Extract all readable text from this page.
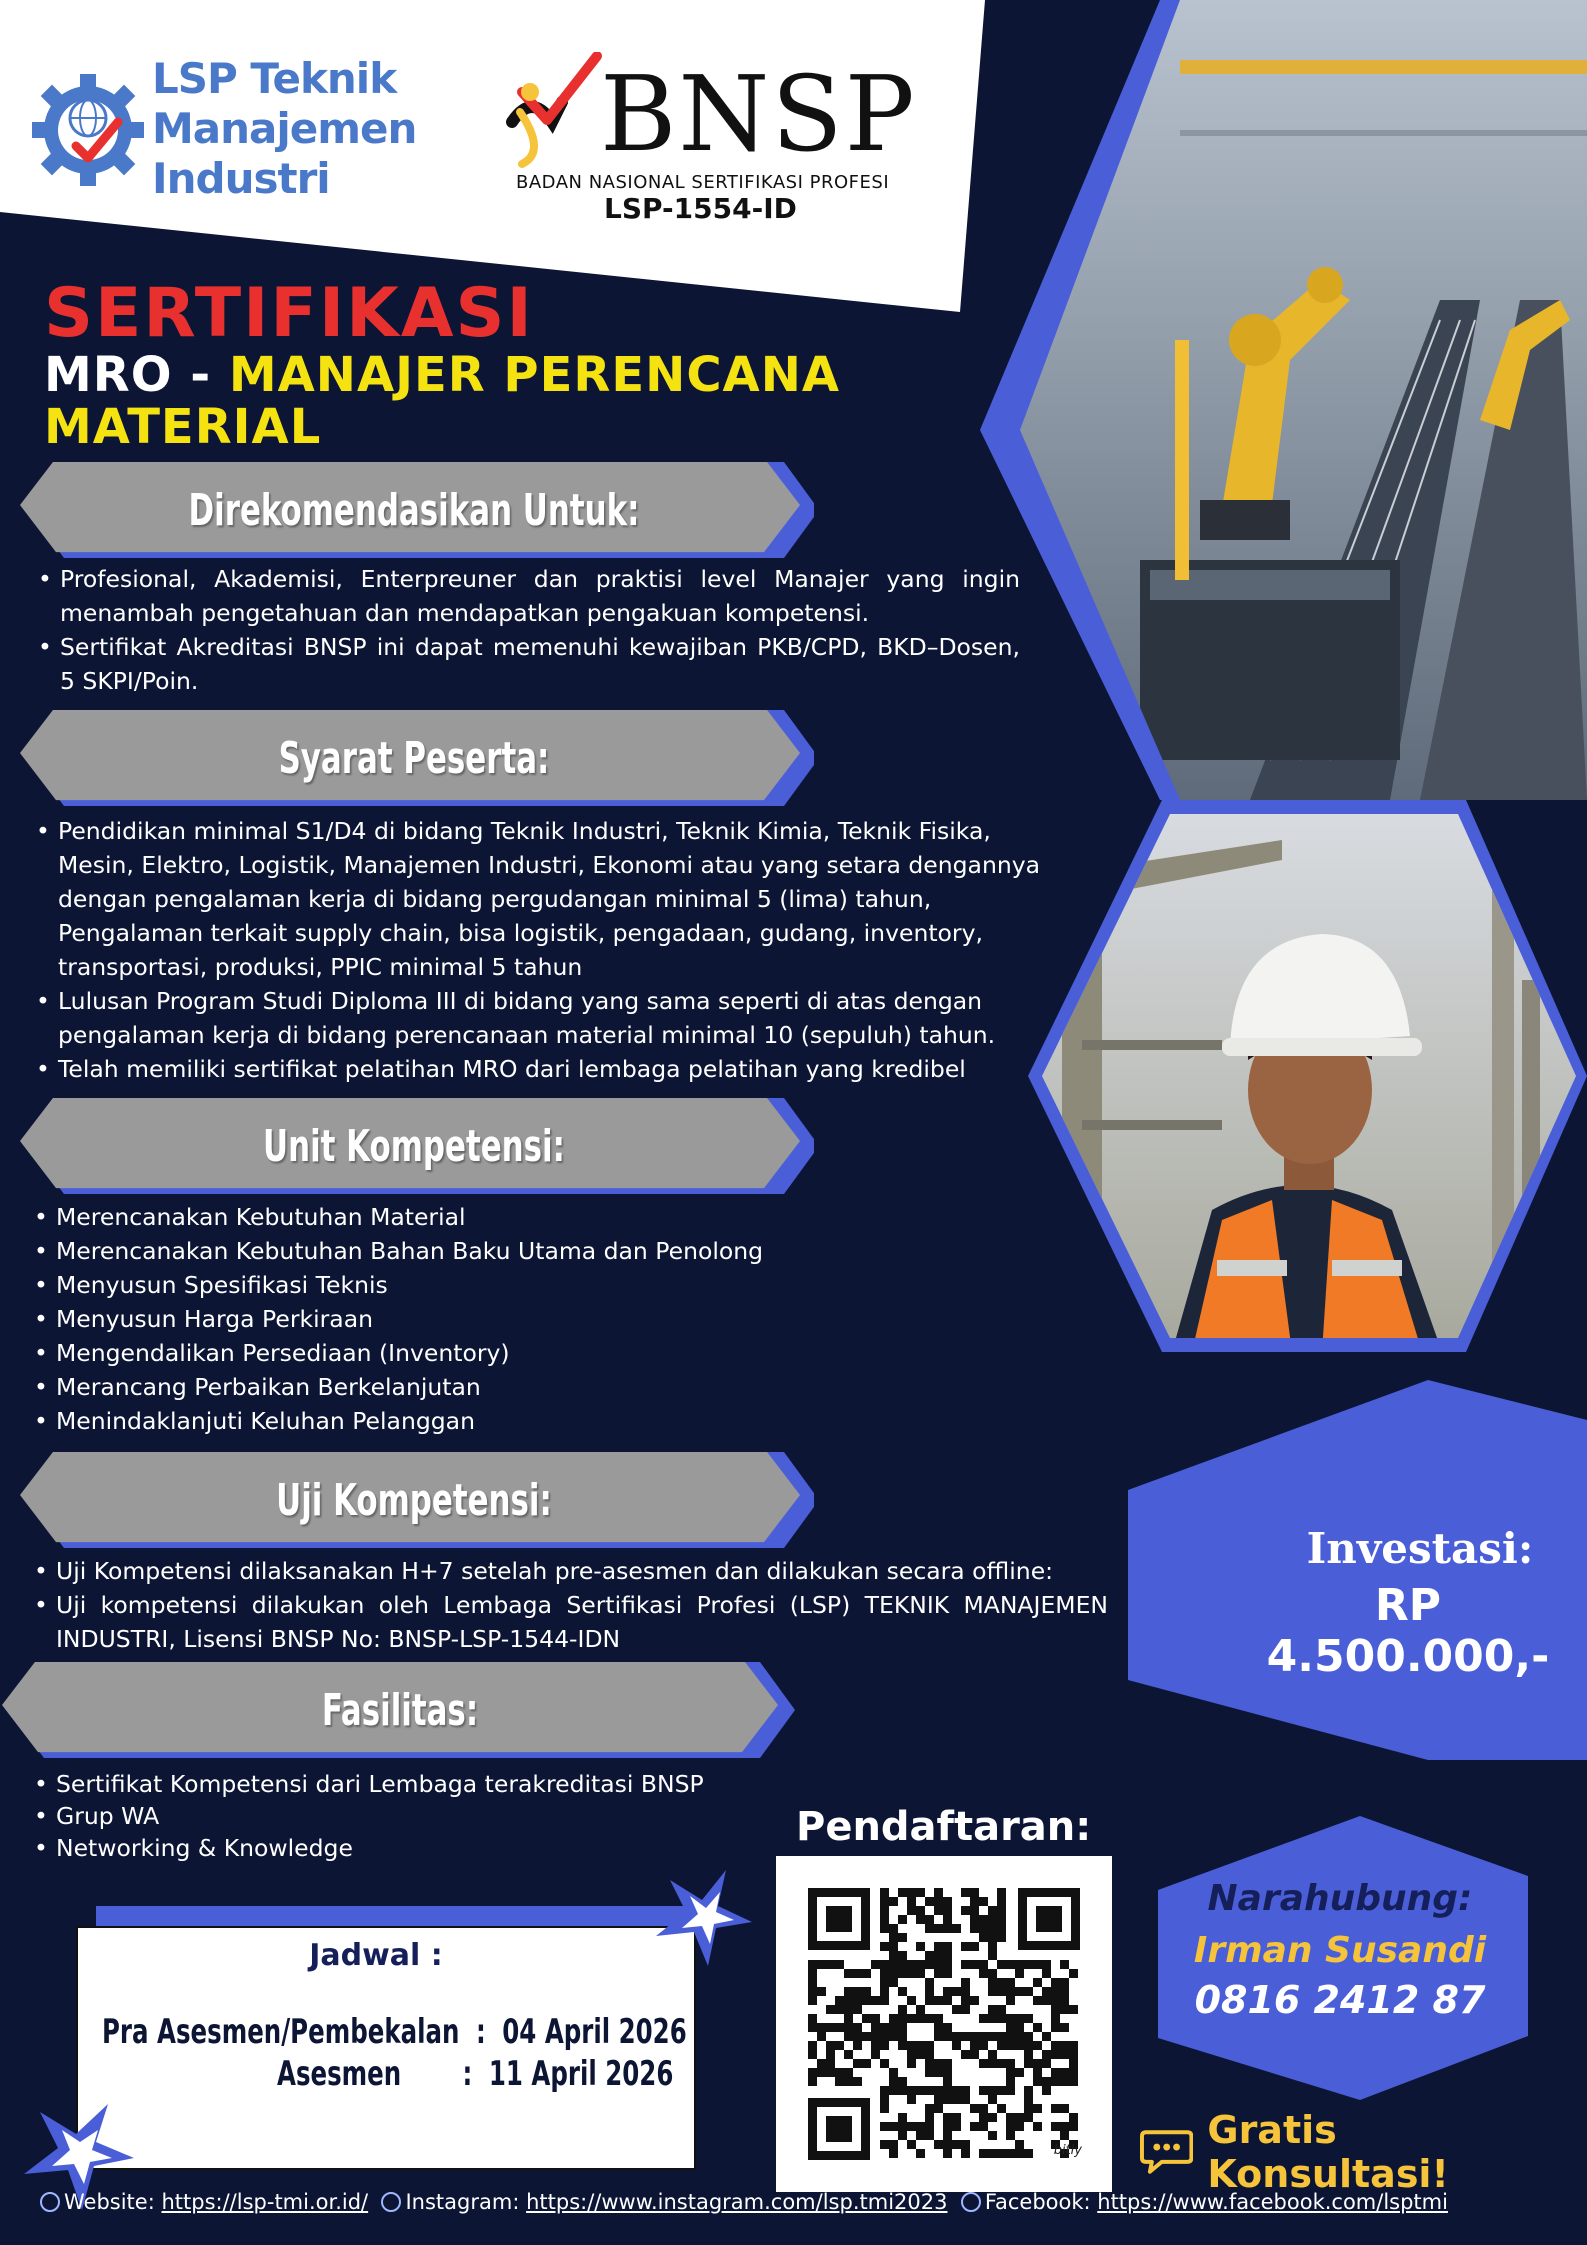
LSP Teknik
Manajemen
Industri
BNSP
BADAN NASIONAL SERTIFIKASI PROFESI
LSP-1554-ID
Investasi:
RP 4.500.000,-
Narahubung:
Irman Susandi
0816 2412 87
Gratis Konsultasi!
SERTIFIKASI
MRO - MANAJER PERENCANA
MATERIAL
Direkomendasikan Untuk:
• Profesional, Akademisi, Enterpreuner dan praktisi level Manajer yang ingin menambah pengetahuan dan mendapatkan pengakuan kompetensi.
• Sertifikat Akreditasi BNSP ini dapat memenuhi kewajiban PKB/CPD, BKD–Dosen, 5 SKPI/Poin.
Syarat Peserta:
• Pendidikan minimal S1/D4 di bidang Teknik Industri, Teknik Kimia, Teknik Fisika, Mesin, Elektro, Logistik, Manajemen Industri, Ekonomi atau yang setara dengannya dengan pengalaman kerja di bidang pergudangan minimal 5 (lima) tahun, Pengalaman terkait supply chain, bisa logistik, pengadaan, gudang, inventory, transportasi, produksi, PPIC minimal 5 tahun
• Lulusan Program Studi Diploma III di bidang yang sama seperti di atas dengan pengalaman kerja di bidang perencanaan material minimal 10 (sepuluh) tahun.
• Telah memiliki sertifikat pelatihan MRO dari lembaga pelatihan yang kredibel
Unit Kompetensi:
• Merencanakan Kebutuhan Material
• Merencanakan Kebutuhan Bahan Baku Utama dan Penolong
• Menyusun Spesifikasi Teknis
• Menyusun Harga Perkiraan
• Mengendalikan Persediaan (Inventory)
• Merancang Perbaikan Berkelanjutan
• Menindaklanjuti Keluhan Pelanggan
Uji Kompetensi:
• Uji Kompetensi dilaksanakan H+7 setelah pre-asesmen dan dilakukan secara offline:
• Uji kompetensi dilakukan oleh Lembaga Sertifikasi Profesi (LSP) TEKNIK MANAJEMEN INDUSTRI, Lisensi BNSP No: BNSP-LSP-1544-IDN
Fasilitas:
• Sertifikat Kompetensi dari Lembaga terakreditasi BNSP
• Grup WA
• Networking & Knowledge	Pendaftaran:
bitly
Jadwal :
Pra Asesmen/Pembekalan : 04 April 2026
Asesmen : 11 April 2026
Website: https://lsp-tmi.or.id/ Instagram: https://www.instagram.com/lsp.tmi2023 Facebook: https://www.facebook.com/lsptmi
